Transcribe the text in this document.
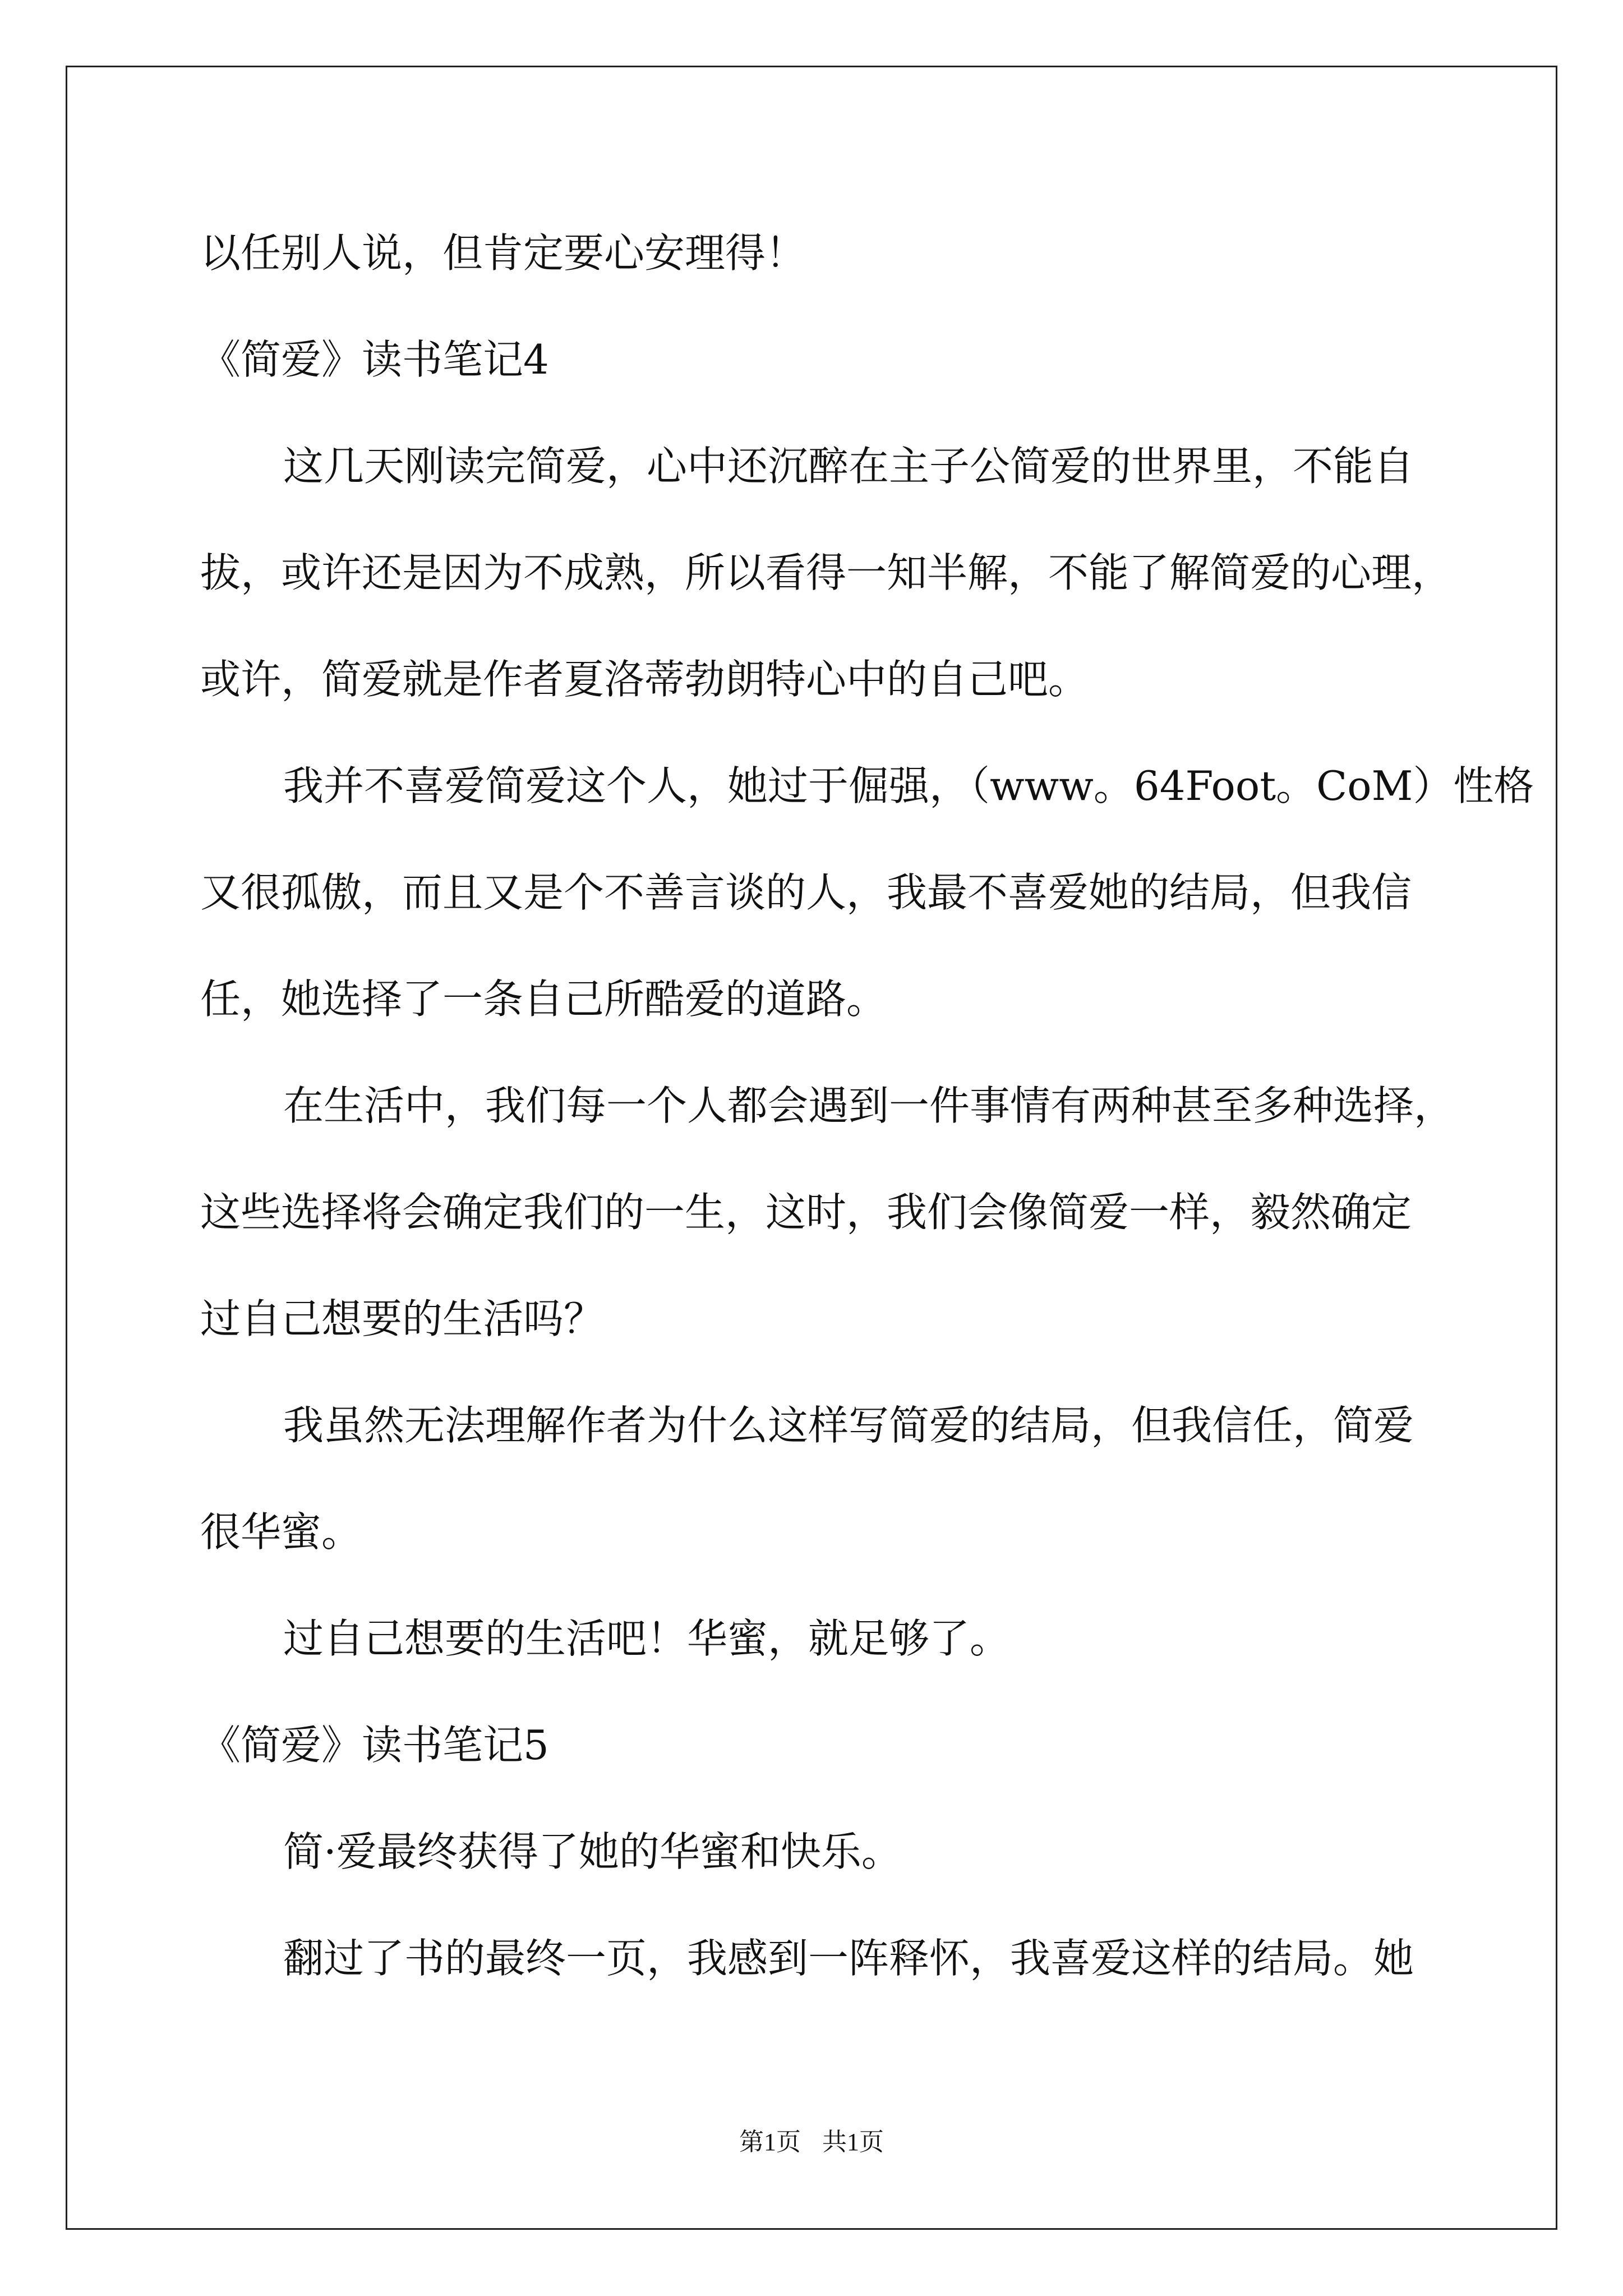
以任别人说，但肯定要心安理得！
《简爱》读书笔记4
这几天刚读完简爱，心中还沉醉在主子公简爱的世界里，不能自
拔，或许还是因为不成熟，所以看得一知半解，不能了解简爱的心理，
或许，简爱就是作者夏洛蒂勃朗特心中的自己吧。
我并不喜爱简爱这个人，她过于倔强，（www。64Foot。CoM）性格
又很孤傲，而且又是个不善言谈的人，我最不喜爱她的结局，但我信
任，她选择了一条自己所酷爱的道路。
在生活中，我们每一个人都会遇到一件事情有两种甚至多种选择，
这些选择将会确定我们的一生，这时，我们会像简爱一样，毅然确定
过自己想要的生活吗？
我虽然无法理解作者为什么这样写简爱的结局，但我信任，简爱
很华蜜。
过自己想要的生活吧！华蜜，就足够了。
《简爱》读书笔记5
简·爱最终获得了她的华蜜和快乐。
翻过了书的最终一页，我感到一阵释怀，我喜爱这样的结局。她
第1页 共1页
